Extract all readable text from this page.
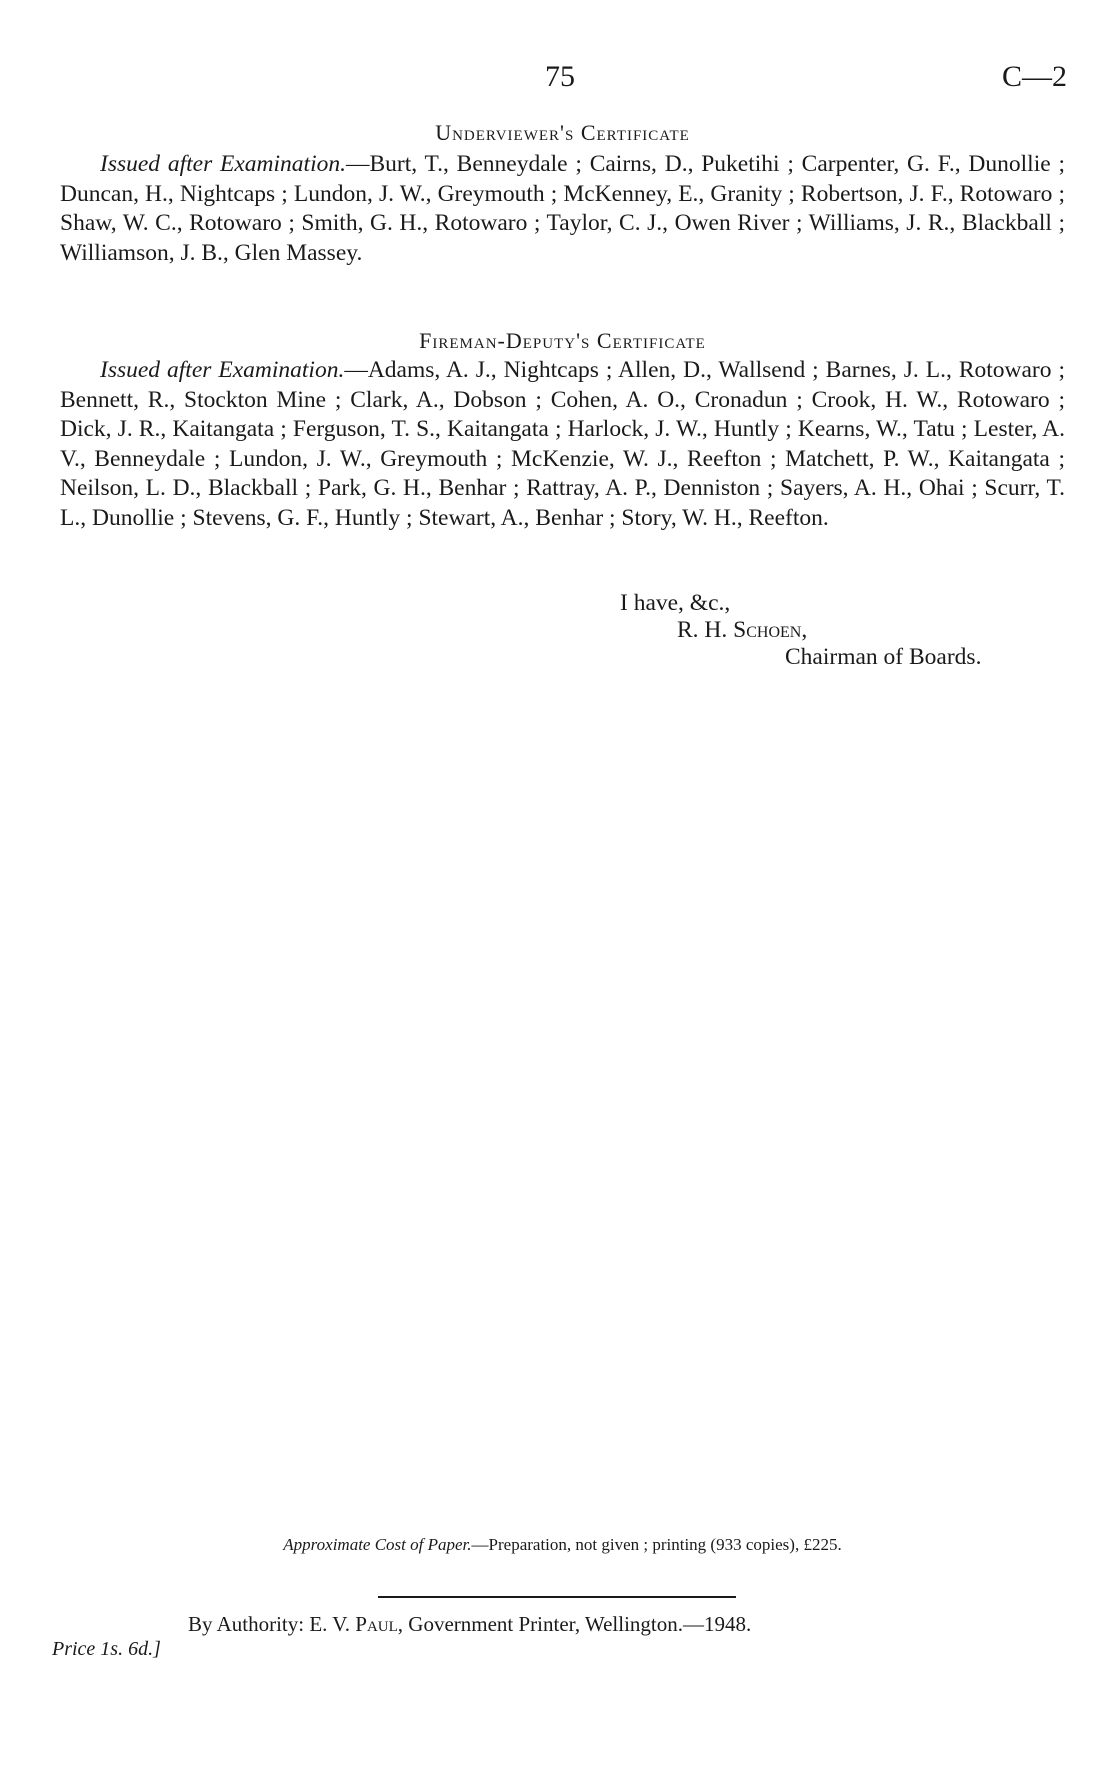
75	C—2
Underviewer's Certificate

Issued after Examination.—Burt, T., Benneydale ; Cairns, D., Puketihi ; Carpenter, G. F., Dunollie ; Duncan, H., Nightcaps ; Lundon, J. W., Greymouth ; McKenney, E., Granity ; Robertson, J. F., Rotowaro ; Shaw, W. C., Rotowaro ; Smith, G. H., Rotowaro ; Taylor, C. J., Owen River ; Williams, J. R., Blackball ; Williamson, J. B., Glen Massey.

Fireman-Deputy's Certificate

Issued after Examination.—Adams, A. J., Nightcaps ; Allen, D., Wallsend ; Barnes, J. L., Rotowaro ; Bennett, R., Stockton Mine ; Clark, A., Dobson ; Cohen, A. O., Cronadun ; Crook, H. W., Rotowaro ; Dick, J. R., Kaitangata ; Ferguson, T. S., Kaitangata ; Harlock, J. W., Huntly ; Kearns, W., Tatu ; Lester, A. V., Benneydale ; Lundon, J. W., Greymouth ; McKenzie, W. J., Reefton ; Matchett, P. W., Kaitangata ; Neilson, L. D., Blackball ; Park, G. H., Benhar ; Rattray, A. P., Denniston ; Sayers, A. H., Ohai ; Scurr, T. L., Dunollie ; Stevens, G. F., Huntly ; Stewart, A., Benhar ; Story, W. H., Reefton.

I have, &c.,
R. H. Schoen,
Chairman of Boards.
Approximate Cost of Paper.—Preparation, not given ; printing (933 copies), £225.
By Authority: E. V. Paul, Government Printer, Wellington.—1948.
Price 1s. 6d.]
